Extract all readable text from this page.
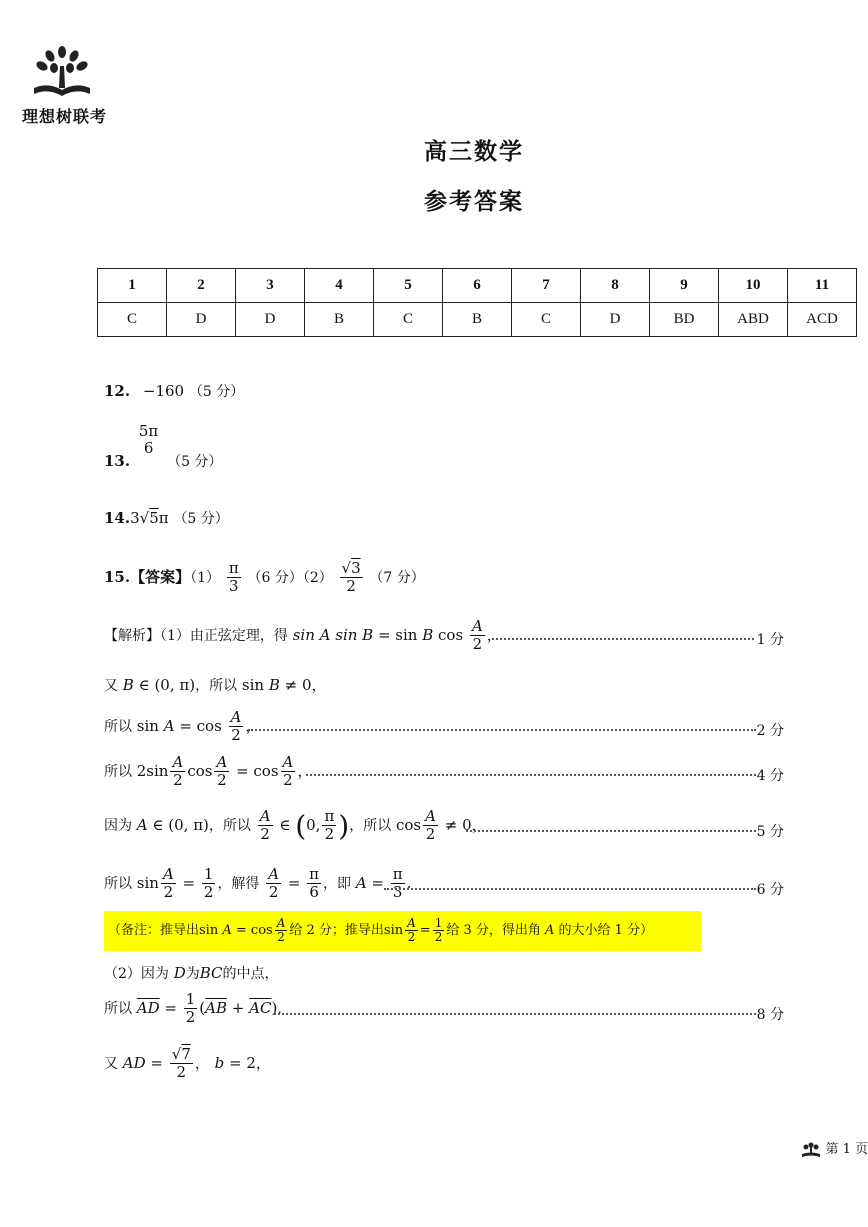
理想树联考
高三数学
参考答案
1	2	3	4	5	6	7	8	9	10	11
C	D	D	B	C	B	C	D	BD	ABD	ACD
12. −160 （5 分）
13.
5π
6
（5 分）
14.3√5π （5 分）
15.【答案】$(1) \frac{\pi}{3} (6$ 分）$(2) \frac{√3}{2} (7$ 分）
【解析】（1）由正弦定理，得 sin A sin B = sin B $\cos \frac{A}{2}$ ，	1 分
又 B ∈ (0, π)，所以 sin B ≠ 0，
所以 $\sin A = \cos \frac{A}{2}$ ，	2 分
所以 $2\sin \frac{A}{2}$ $\cos \frac{A}{2} = \cos \frac{A}{2}$ ，	4 分
因为 A ∈ (0, π)，所以 $\frac{A}{2}$ ∈ (0, $\frac{\pi}{2}$ )，所以 $\cos \frac{A}{2} \ne 0$，	5 分
所以 $\sin \frac{A}{2} = \frac{1}{2}$ ，解得 $\frac{A}{2} = \frac{\pi}{6}$ ，即 $A = \frac{\pi}{3}$ .	6 分
（备注：推导出$\sin A = \cos \frac{A}{2}$ 给 2 分；推导出$\sin \frac{A}{2} = \frac{1}{2}$ 给 3 分，得出角 A 的大小给 1 分）
（2）因为 D为BC的中点，
所以 $\overline{AD} = \frac{1}{2} (\overline{AB} + \overline{AC})$,	8 分
又 AD = $\frac{√7}{2}$ ， b = 2，
第 1 页
